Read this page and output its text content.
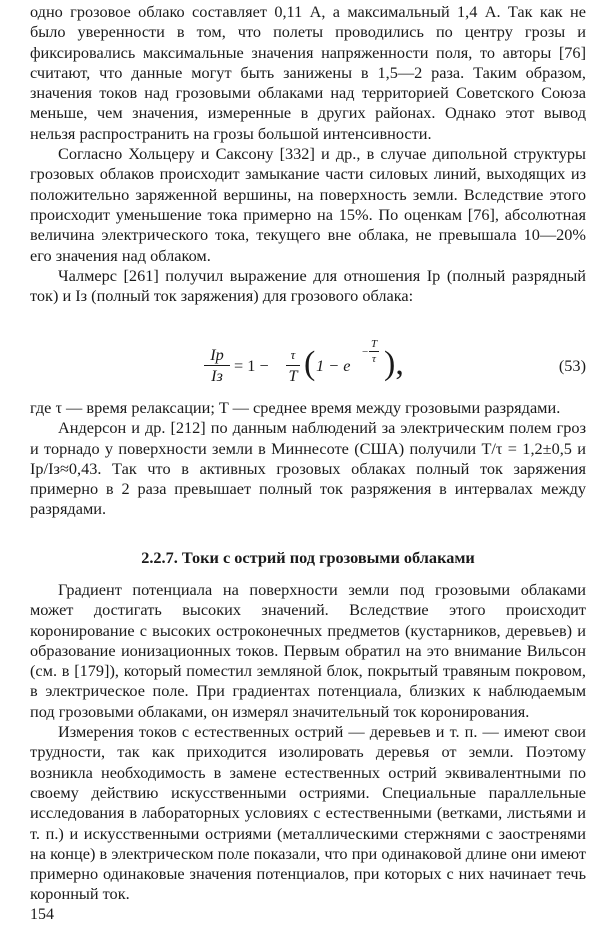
одно грозовое облако составляет 0,11 А, а максимальный 1,4 А. Так как не было уверенности в том, что полеты проводились по центру грозы и фиксировались максимальные значения напряженности поля, то авторы [76] считают, что данные могут быть занижены в 1,5—2 раза. Таким образом, значения токов над грозовыми облаками над территорией Советского Союза меньше, чем значения, измеренные в других районах. Однако этот вывод нельзя распространить на грозы большой интенсивности.

Согласно Хольцеру и Саксону [332] и др., в случае дипольной структуры грозовых облаков происходит замыкание части силовых линий, выходящих из положительно заряженной вершины, на поверхность земли. Вследствие этого происходит уменьшение тока примерно на 15%. По оценкам [76], абсолютная величина электрического тока, текущего вне облака, не превышала 10—20% его значения над облаком.

Чалмерс [261] получил выражение для отношения Iр (полный разрядный ток) и Iз (полный ток заряжения) для грозового облака:

Iр
Iз
= 1 −
τ
T ( 1 − e
−
T
τ ),	(53)

где τ — время релаксации; T — среднее время между грозовыми разрядами.

Андерсон и др. [212] по данным наблюдений за электрическим полем гроз и торнадо у поверхности земли в Миннесоте (США) получили T/τ = 1,2±0,5 и Iр/Iз≈0,43. Так что в активных грозовых облаках полный ток заряжения примерно в 2 раза превышает полный ток разряжения в интервалах между разрядами.

2.2.7. Токи с острий под грозовыми облаками

Градиент потенциала на поверхности земли под грозовыми облаками может достигать высоких значений. Вследствие этого происходит коронирование с высоких остроконечных предметов (кустарников, деревьев) и образование ионизационных токов. Первым обратил на это внимание Вильсон (см. в [179]), который поместил земляной блок, покрытый травяным покровом, в электрическое поле. При градиентах потенциала, близких к наблюдаемым под грозовыми облаками, он измерял значительный ток коронирования.

Измерения токов с естественных острий — деревьев и т. п. — имеют свои трудности, так как приходится изолировать деревья от земли. Поэтому возникла необходимость в замене естественных острий эквивалентными по своему действию искусственными остриями. Специальные параллельные исследования в лабораторных условиях с естественными (ветками, листьями и т. п.) и искусственными остриями (металлическими стержнями с заостренями на конце) в электрическом поле показали, что при одинаковой длине они имеют примерно одинаковые значения потенциалов, при которых с них начинает течь коронный ток.

154
